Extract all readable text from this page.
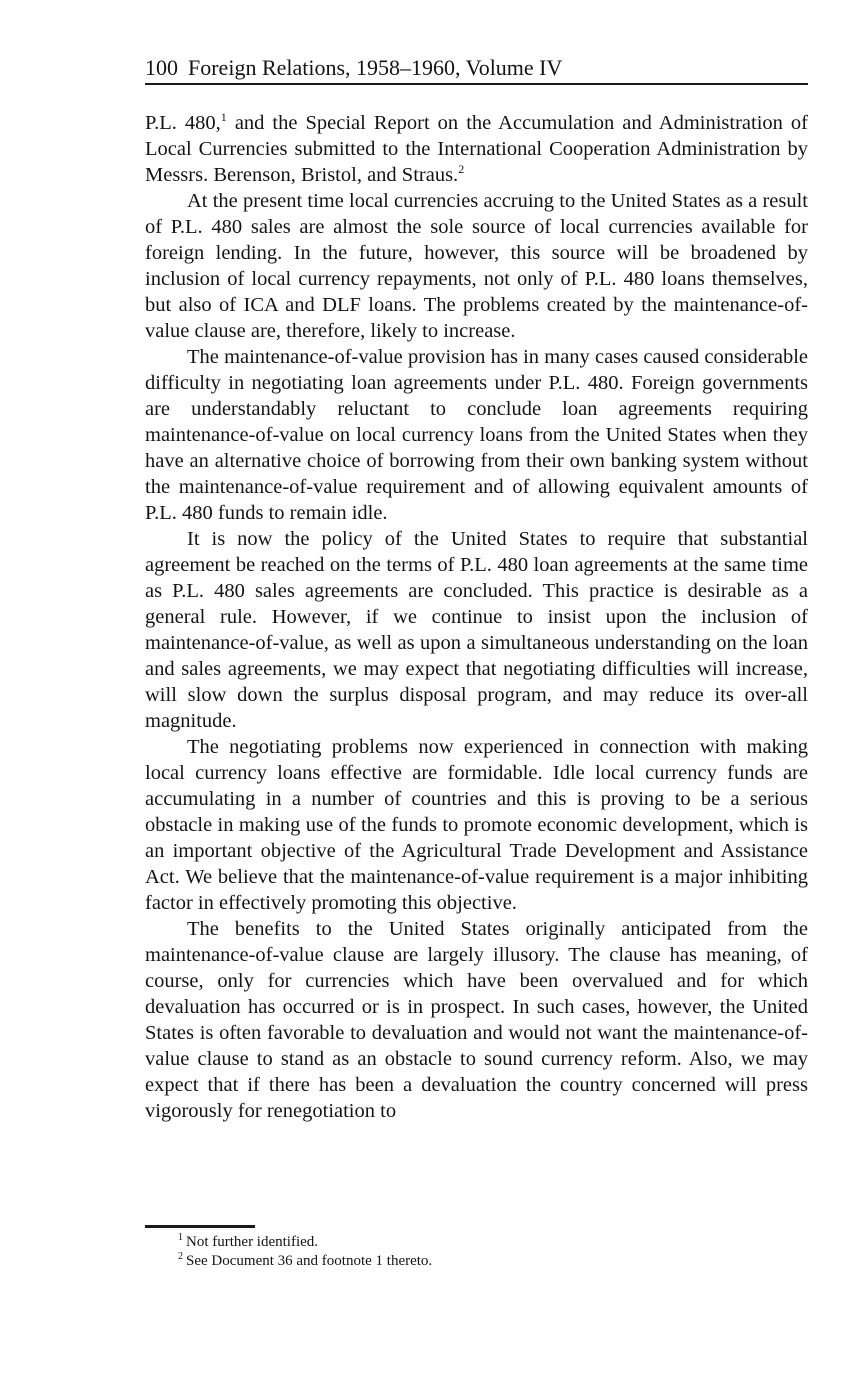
100 Foreign Relations, 1958–1960, Volume IV

P.L. 480,$^1$ and the Special Report on the Accumulation and Administration of Local Currencies submitted to the International Cooperation Administration by Messrs. Berenson, Bristol, and Straus.$^2$

At the present time local currencies accruing to the United States as a result of P.L. 480 sales are almost the sole source of local currencies available for foreign lending. In the future, however, this source will be broadened by inclusion of local currency repayments, not only of P.L. 480 loans themselves, but also of ICA and DLF loans. The problems created by the maintenance-of-value clause are, therefore, likely to increase.

The maintenance-of-value provision has in many cases caused considerable difficulty in negotiating loan agreements under P.L. 480. Foreign governments are understandably reluctant to conclude loan agreements requiring maintenance-of-value on local currency loans from the United States when they have an alternative choice of borrowing from their own banking system without the maintenance-of-value requirement and of allowing equivalent amounts of P.L. 480 funds to remain idle.

It is now the policy of the United States to require that substantial agreement be reached on the terms of P.L. 480 loan agreements at the same time as P.L. 480 sales agreements are concluded. This practice is desirable as a general rule. However, if we continue to insist upon the inclusion of maintenance-of-value, as well as upon a simultaneous understanding on the loan and sales agreements, we may expect that negotiating difficulties will increase, will slow down the surplus disposal program, and may reduce its over-all magnitude.

The negotiating problems now experienced in connection with making local currency loans effective are formidable. Idle local currency funds are accumulating in a number of countries and this is proving to be a serious obstacle in making use of the funds to promote economic development, which is an important objective of the Agricultural Trade Development and Assistance Act. We believe that the maintenance-of-value requirement is a major inhibiting factor in effectively promoting this objective.

The benefits to the United States originally anticipated from the maintenance-of-value clause are largely illusory. The clause has meaning, of course, only for currencies which have been overvalued and for which devaluation has occurred or is in prospect. In such cases, however, the United States is often favorable to devaluation and would not want the maintenance-of-value clause to stand as an obstacle to sound currency reform. Also, we may expect that if there has been a devaluation the country concerned will press vigorously for renegotiation to

$^1$ Not further identified.
$^2$ See Document 36 and footnote 1 thereto.
